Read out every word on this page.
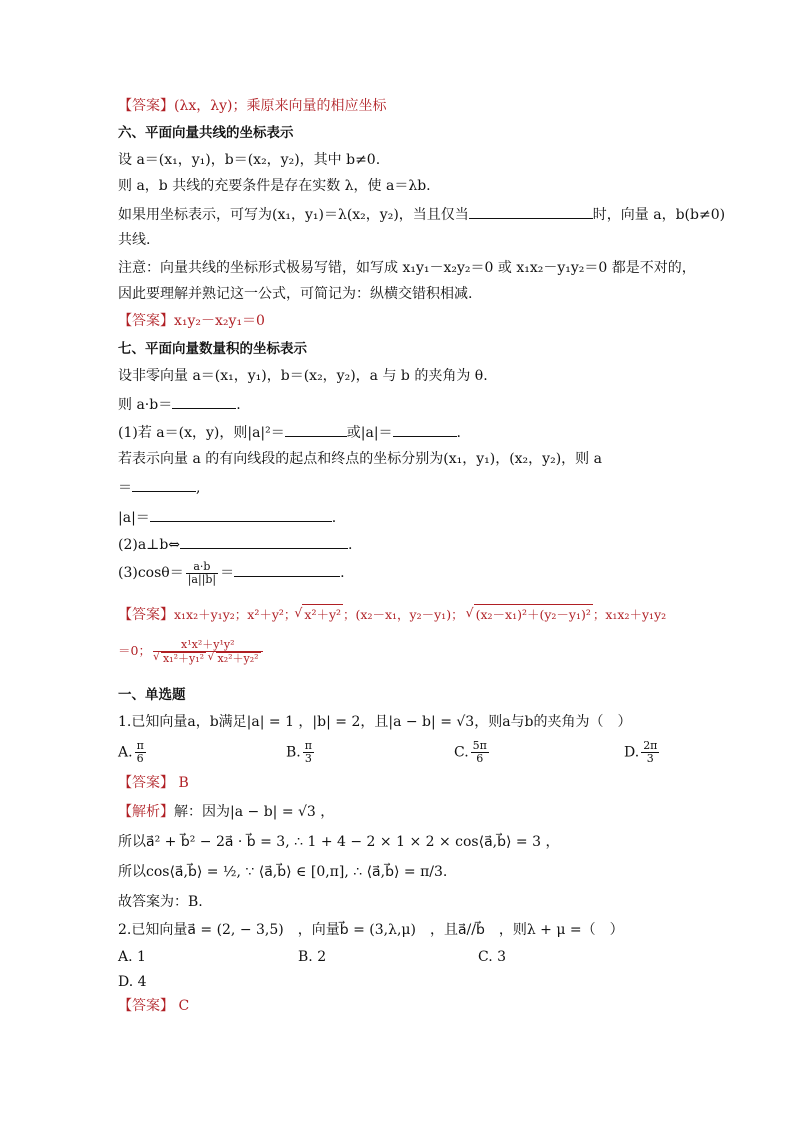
【答案】(λx，λy)；乘原来向量的相应坐标
六、平面向量共线的坐标表示
设 a＝(x₁，y₁)，b＝(x₂，y₂)，其中 b≠0.
则 a，b 共线的充要条件是存在实数 λ，使 a＝λb.
如果用坐标表示，可写为(x₁，y₁)＝λ(x₂，y₂)，当且仅当	时，向量 a，b(b≠0)
共线.
注意：向量共线的坐标形式极易写错，如写成 x₁y₁－x₂y₂＝0 或 x₁x₂－y₁y₂＝0 都是不对的，
因此要理解并熟记这一公式，可简记为：纵横交错积相减.
【答案】x₁y₂－x₂y₁＝0
七、平面向量数量积的坐标表示
设非零向量 a＝(x₁，y₁)，b＝(x₂，y₂)，a 与 b 的夹角为 θ.
则 a·b＝	.
(1)若 a＝(x，y)，则|a|²＝	或|a|＝	.
若表示向量 a 的有向线段的起点和终点的坐标分别为(x₁，y₁)，(x₂，y₂)，则 a
＝	,
|a|＝	.
(2)a⊥b⇔	.
$(3)\cos\theta= \frac{a\cdot b}{|a||b|}$ ＝	.
【答案】x₁x₂＋y₁y₂；x²＋y²； √ x²＋y² ；(x₂－x₁，y₂－y₁)； √ (x₂－x₁)²＋(y₂－y₁)² ；x₁x₂＋y₁y₂
＝0； x¹x²＋y¹y²
√ x₁²＋y₁² √ x₂²＋y₂²
一、单选题
1.已知向量a，b满足|a| = 1 ，|b| = 2，且|a − b| = √3，则a与b的夹角为（　）
A. $\frac{\pi}{6}$	B. $\frac{\pi}{3}$	C. $\frac{5\pi}{6}$	D. $\frac{2\pi}{3}$
【答案】 B
【解析】解：因为|a − b| = √3 ，
所以a⃗² + b⃗² − 2a⃗ · b⃗ = 3, ∴ 1 + 4 − 2 × 1 × 2 × cos⟨a⃗,b⃗⟩ = 3 ，
所以cos⟨a⃗,b⃗⟩ = ½, ∵ ⟨a⃗,b⃗⟩ ∈ [0,π], ∴ ⟨a⃗,b⃗⟩ = π/3.
故答案为：B.
2.已知向量a⃗ = (2, − 3,5)　，向量b⃗ = (3,λ,μ)　，且a⃗//b⃗　，则λ + μ =（　）
A. 1	B. 2	C. 3
D. 4
【答案】 C
